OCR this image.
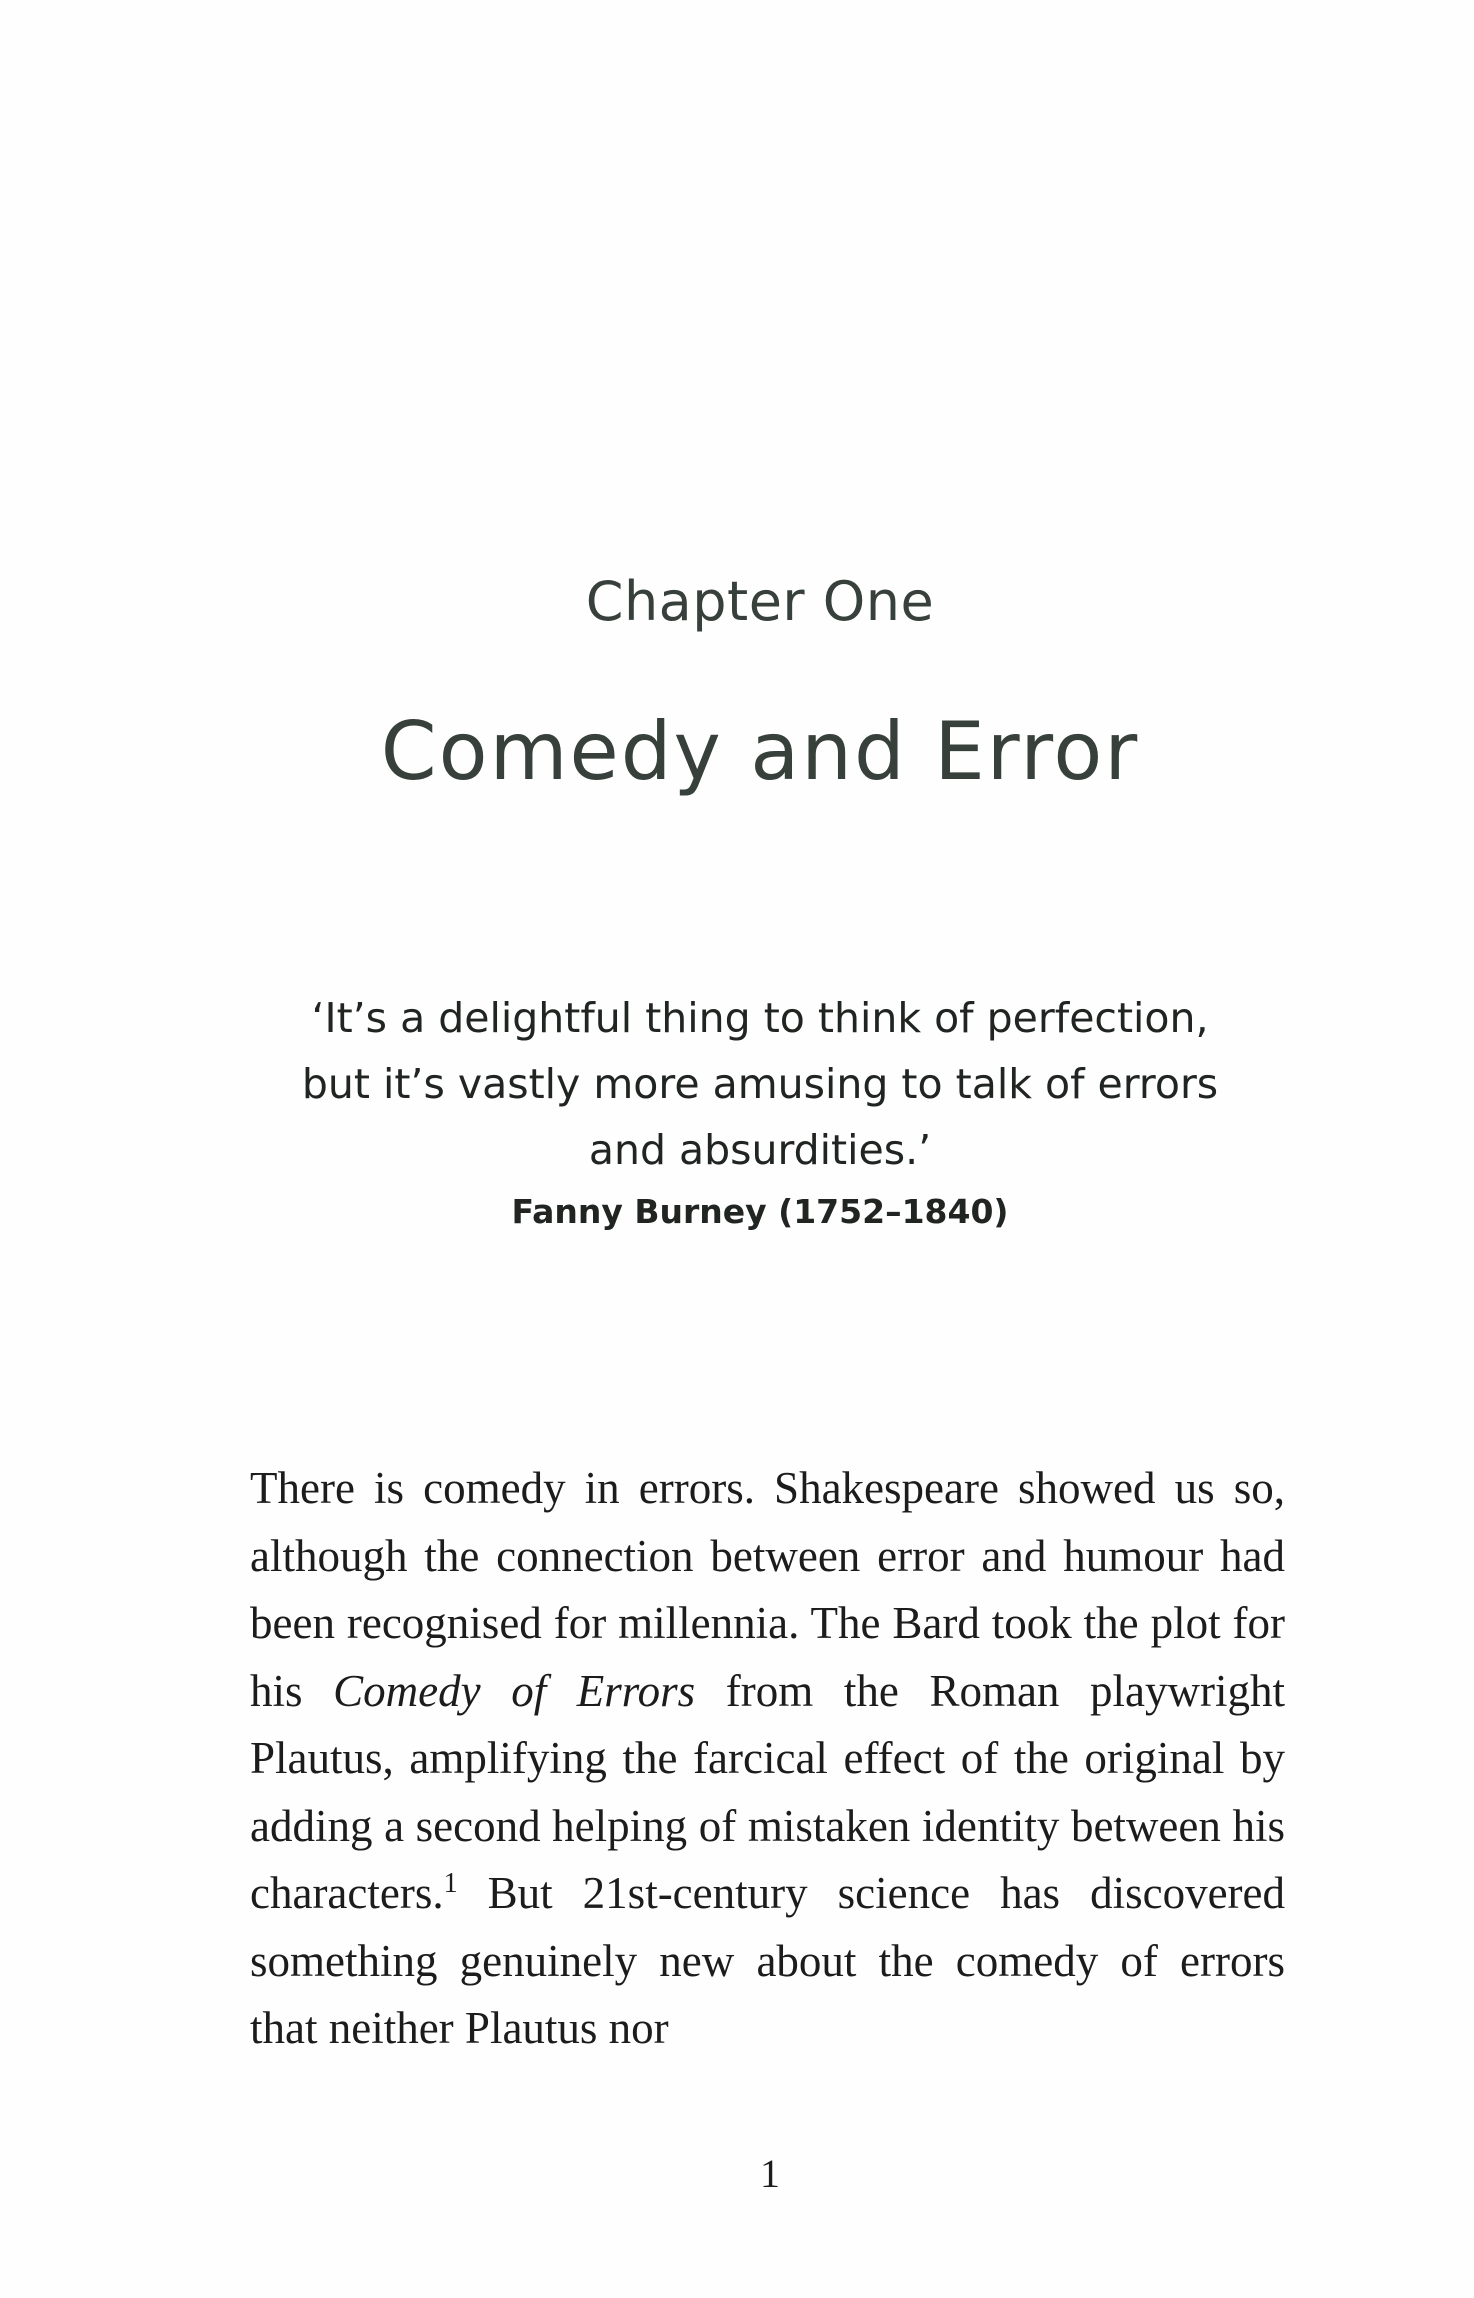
Chapter One
Comedy and Error
‘It’s a delightful thing to think of perfection, but it’s vastly more amusing to talk of errors and absurdities.’
Fanny Burney (1752–1840)

There is comedy in errors. Shakespeare showed us so, although the connection between error and humour had been recognised for millennia. The Bard took the plot for his Comedy of Errors from the Roman playwright Plautus, amplifying the farcical effect of the original by adding a second helping of mistaken identity between his characters.$^1$ But 21st-century science has discovered something genuinely new about the comedy of errors that neither Plautus nor

1
